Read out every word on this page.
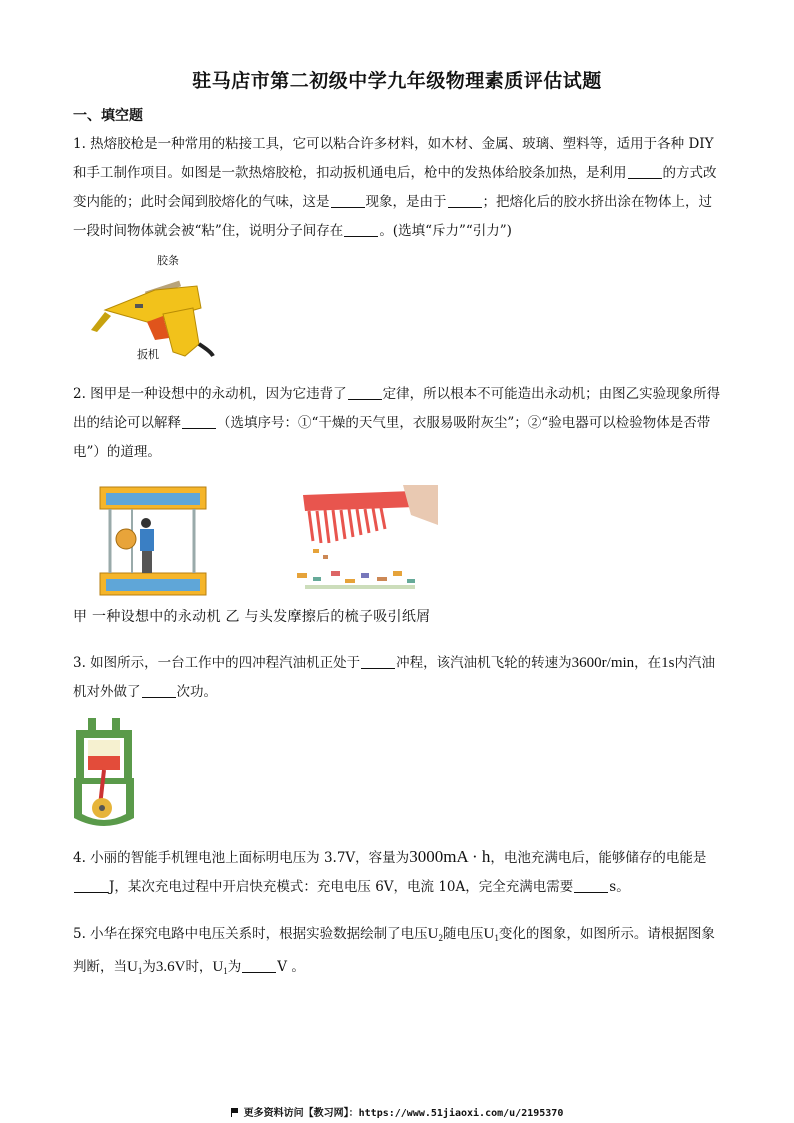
驻马店市第二初级中学九年级物理素质评估试题
一、填空题
1. 热熔胶枪是一种常用的粘接工具，它可以粘合许多材料，如木材、金属、玻璃、塑料等，适用于各种 DIY 和手工制作项目。如图是一款热熔胶枪，扣动扳机通电后，枪中的发热体给胶条加热，是利用	的方式改变内能的；此时会闻到胶熔化的气味，这是	现象，是由于	；把熔化后的胶水挤出涂在物体上，过一段时间物体就会被“粘”住，说明分子间存在	。(选填“斥力”“引力”)
胶条
扳机
2. 图甲是一种设想中的永动机，因为它违背了	定律，所以根本不可能造出永动机；由图乙实验现象所得出的结论可以解释	（选填序号：①“干燥的天气里，衣服易吸附灰尘”；②“验电器可以检验物体是否带电”）的道理。
甲 一种设想中的永动机 乙 与头发摩擦后的梳子吸引纸屑
3. 如图所示，一台工作中的四冲程汽油机正处于	冲程，该汽油机飞轮的转速为3600r/min，在1s内汽油机对外做了	次功。
4. 小丽的智能手机锂电池上面标明电压为 3.7V，容量为3000mA · h，电池充满电后，能够储存的电能是
J，某次充电过程中开启快充模式：充电电压 6V，电流 10A，完全充满电需要	s。
5. 小华在探究电路中电压关系时，根据实验数据绘制了电压$U_2$随电压$U_1$变化的图象，如图所示。请根据图象判断，当$U_1$为3.6V时，$U_1$为	V 。
更多资料访问【教习网】：https://www.51jiaoxi.com/u/2195370
